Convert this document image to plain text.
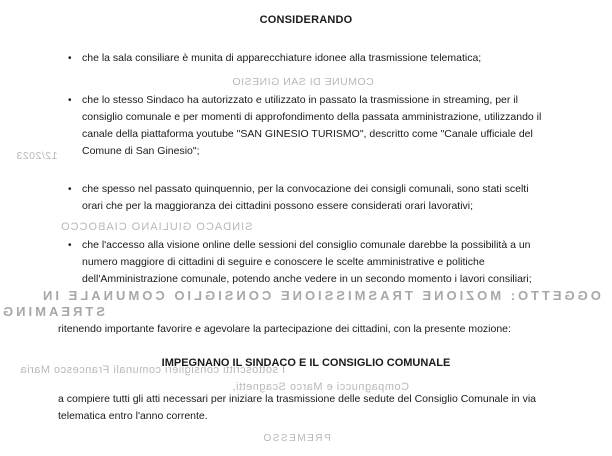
COMUNE DI SAN GINESIO
12/2023
SINDACO GIULIANO CIABOCCO
OGGETTO: MOZIONE TRASMISSIONE CONSIGLIO COMUNALE IN
STREAMING
I sottoscritti consiglieri comunali Francesco Maria
Compagnucci e Marco Scagnetti,
PREMESSO
CONSIDERANDO
• che la sala consiliare è munita di apparecchiature idonee alla trasmissione telematica;
• che lo stesso Sindaco ha autorizzato e utilizzato in passato la trasmissione in streaming, per il consiglio comunale e per momenti di approfondimento della passata amministrazione, utilizzando il canale della piattaforma youtube "SAN GINESIO TURISMO", descritto come "Canale ufficiale del Comune di San Ginesio";
• che spesso nel passato quinquennio, per la convocazione dei consigli comunali, sono stati scelti orari che per la maggioranza dei cittadini possono essere considerati orari lavorativi;
• che l'accesso alla visione online delle sessioni del consiglio comunale darebbe la possibilità a un numero maggiore di cittadini di seguire e conoscere le scelte amministrative e politiche dell'Amministrazione comunale, potendo anche vedere in un secondo momento i lavori consiliari;
ritenendo importante favorire e agevolare la partecipazione dei cittadini, con la presente mozione:
IMPEGNANO IL SINDACO E IL CONSIGLIO COMUNALE
a compiere tutti gli atti necessari per iniziare la trasmissione delle sedute del Consiglio Comunale in via telematica entro l'anno corrente.
